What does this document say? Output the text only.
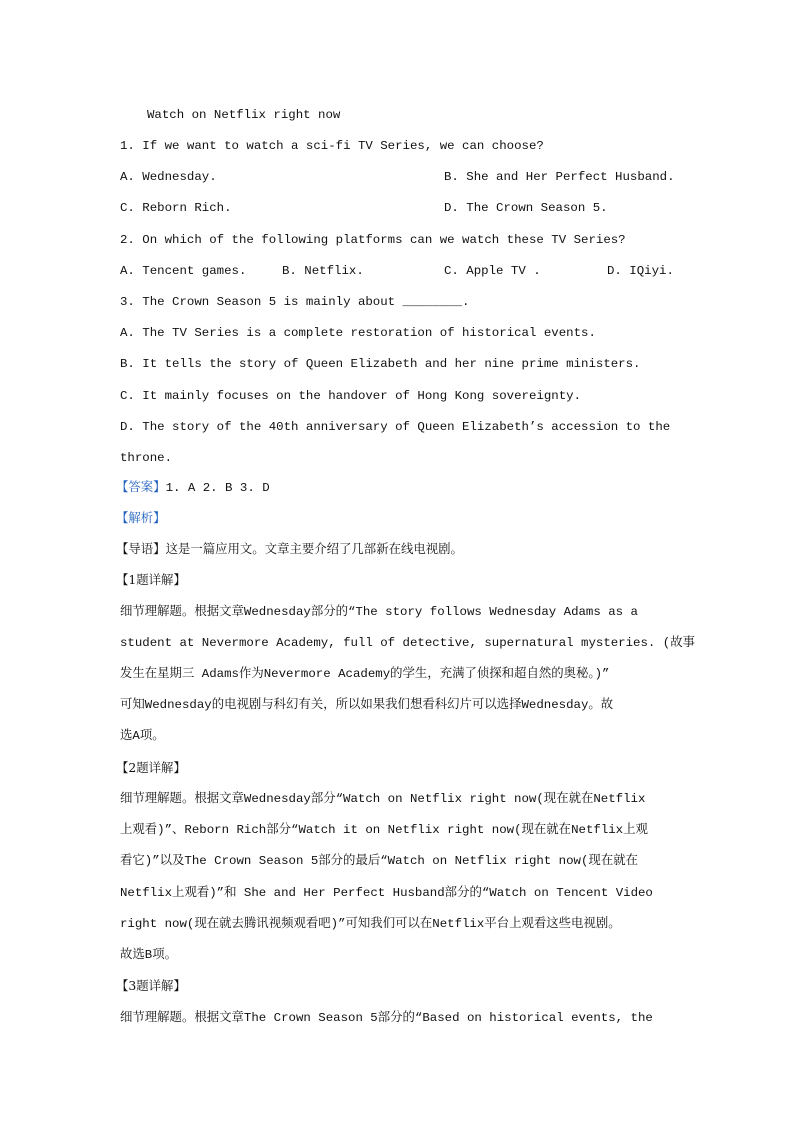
Watch on Netflix right now
1. If we want to watch a sci-fi TV Series, we can choose?
A. Wednesday.	B. She and Her Perfect Husband.
C. Reborn Rich.	D. The Crown Season 5.
2. On which of the following platforms can we watch these TV Series?
A. Tencent games.	B. Netflix.	C. Apple TV .	D. IQiyi.
3. The Crown Season 5 is mainly about ________.
A. The TV Series is a complete restoration of historical events.
B. It tells the story of Queen Elizabeth and her nine prime ministers.
C. It mainly focuses on the handover of Hong Kong sovereignty.
D. The story of the 40th anniversary of Queen Elizabeth’s accession to the
throne.
【答案】1. A 2. B 3. D
【解析】
【导语】这是一篇应用文。文章主要介绍了几部新在线电视剧。
【1题详解】
细节理解题。根据文章Wednesday部分的“The story follows Wednesday Adams as a
student at Nevermore Academy, full of detective, supernatural mysteries. (故事
发生在星期三 Adams作为Nevermore Academy的学生，充满了侦探和超自然的奥秘。)”
可知Wednesday的电视剧与科幻有关，所以如果我们想看科幻片可以选择Wednesday。故
选A项。
【2题详解】
细节理解题。根据文章Wednesday部分“Watch on Netflix right now(现在就在Netflix
上观看)”、Reborn Rich部分“Watch it on Netflix right now(现在就在Netflix上观
看它)”以及The Crown Season 5部分的最后“Watch on Netflix right now(现在就在
Netflix上观看)”和 She and Her Perfect Husband部分的“Watch on Tencent Video
right now(现在就去腾讯视频观看吧)”可知我们可以在Netflix平台上观看这些电视剧。
故选B项。
【3题详解】
细节理解题。根据文章The Crown Season 5部分的“Based on historical events, the
